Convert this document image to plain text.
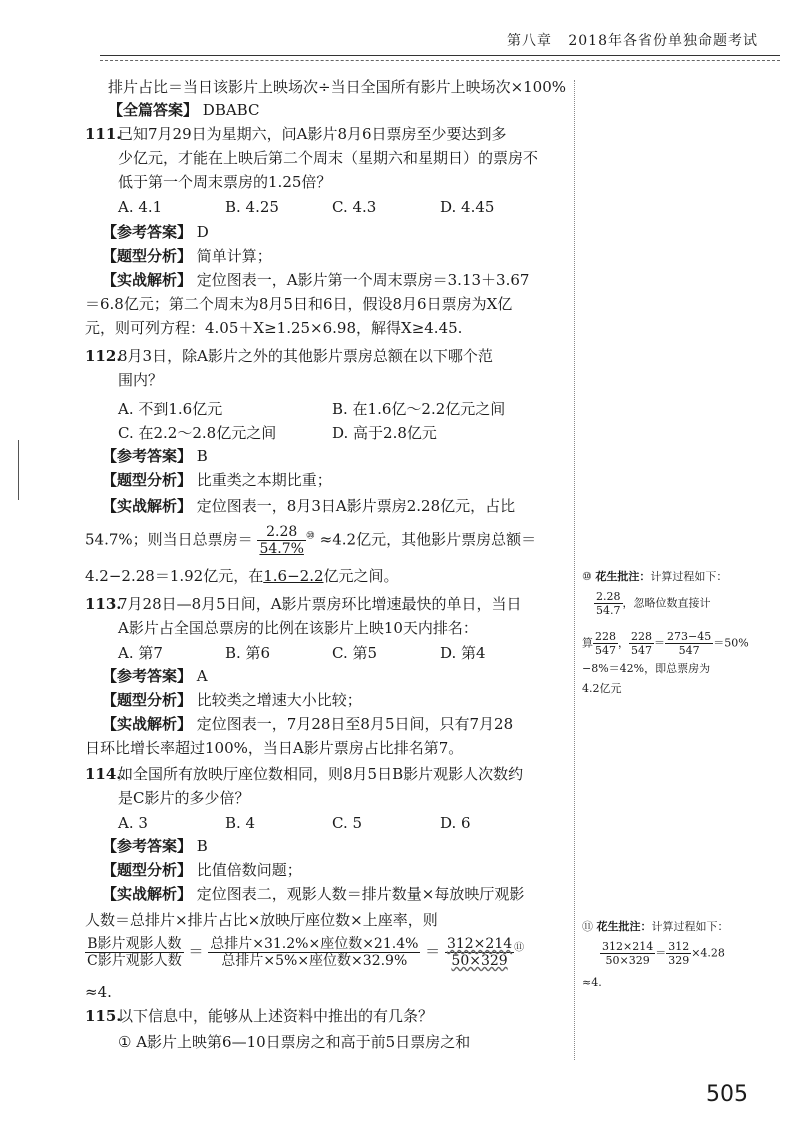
第八章 2018年各省份单独命题考试
排片占比＝当日该影片上映场次÷当日全国所有影片上映场次×100%
【全篇答案】 DBABC
111.
已知7月29日为星期六，问A影片8月6日票房至少要达到多
少亿元，才能在上映后第二个周末（星期六和星期日）的票房不
低于第一个周末票房的1.25倍？
A. 4.1	B. 4.25	C. 4.3	D. 4.45
【参考答案】 D
【题型分析】 简单计算；
【实战解析】 定位图表一，A影片第一个周末票房＝3.13＋3.67
＝6.8亿元；第二个周末为8月5日和6日，假设8月6日票房为X亿
元，则可列方程：4.05＋X≥1.25×6.98，解得X≥4.45.
112.
8月3日，除A影片之外的其他影片票房总额在以下哪个范
围内？
A. 不到1.6亿元	B. 在1.6亿～2.2亿元之间
C. 在2.2～2.8亿元之间	D. 高于2.8亿元
【参考答案】 B
【题型分析】 比重类之本期比重；
【实战解析】 定位图表一，8月3日A影片票房2.28亿元，占比
54.7%；则当日总票房＝ $\frac{2.28}{54.7\%} ^⑩ \approx 4.2$亿元，其他影片票房总额＝
4.2−2.28＝1.92亿元，在1.6−2.2亿元之间。	⑩ 花生批注：计算过程如下：
$\frac{2.28}{54.7}$ ，忽略位数直接计
算 $\frac{228}{547}$ ， $\frac{228}{547} = \frac{273-45}{547} =50\%$
−8%＝42%，即总票房为
4.2亿元
113.
7月28日—8月5日间，A影片票房环比增速最快的单日，当日
A影片占全国总票房的比例在该影片上映10天内排名：
A. 第7	B. 第6	C. 第5	D. 第4
【参考答案】 A
【题型分析】 比较类之增速大小比较；
【实战解析】 定位图表一，7月28日至8月5日间，只有7月28
日环比增长率超过100%，当日A影片票房占比排名第7。
114.
如全国所有放映厅座位数相同，则8月5日B影片观影人次数约
是C影片的多少倍？
A. 3	B. 4	C. 5	D. 6
【参考答案】 B
【题型分析】 比值倍数问题；
【实战解析】 定位图表二，观影人数＝排片数量×每放映厅观影
人数＝总排片×排片占比×放映厅座位数×上座率，则
$\frac{\text{B影片观影人数}}{\text{C影片观影人数}} = \frac{\text{总排片×31.2\%×座位数×21.4\%}}{\text{总排片×5\%×座位数×32.9\%}} = \frac{312\times 214}{50\times 329} ^⑪$
≈4.
⑪ 花生批注：计算过程如下：
$\frac{312\times 214}{50\times 329} = \frac{312}{329} \times 4.28$
≈4.
115.
以下信息中，能够从上述资料中推出的有几条？
① A影片上映第6—10日票房之和高于前5日票房之和
505
